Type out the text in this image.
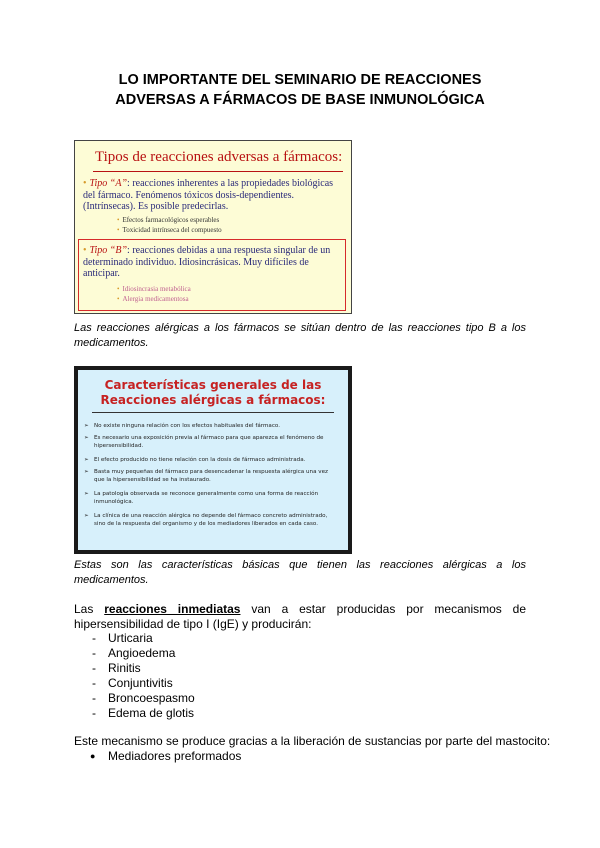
LO IMPORTANTE DEL SEMINARIO DE REACCIONES
ADVERSAS A FÁRMACOS DE BASE INMUNOLÓGICA
Tipos de reacciones adversas a fármacos:
• Tipo “A”: reacciones inherentes a las propiedades biológicas del fármaco. Fenómenos tóxicos dosis-dependientes. (Intrínsecas). Es posible predecirlas.
• Efectos farmacológicos esperables
• Toxicidad intrínseca del compuesto
• Tipo “B”: reacciones debidas a una respuesta singular de un determinado individuo. Idiosincrásicas. Muy difíciles de anticipar.
• Idiosincrasia metabólica
• Alergia medicamentosa
Las reacciones alérgicas a los fármacos se sitúan dentro de las reacciones tipo B a los medicamentos.
Características generales de las
Reacciones alérgicas a fármacos:
➢ No existe ninguna relación con los efectos habituales del fármaco.
➢ Es necesario una exposición previa al fármaco para que aparezca el fenómeno de hipersensibilidad.
➢ El efecto producido no tiene relación con la dosis de fármaco administrada.
➢ Basta muy pequeñas del fármaco para desencadenar la respuesta alérgica una vez que la hipersensibilidad se ha instaurado.
➢ La patología observada se reconoce generalmente como una forma de reacción inmunológica.
➢ La clínica de una reacción alérgica no depende del fármaco concreto administrado, sino de la respuesta del organismo y de los mediadores liberados en cada caso.
Estas son las características básicas que tienen las reacciones alérgicas a los medicamentos.
Las reacciones inmediatas van a estar producidas por mecanismos de hipersensibilidad de tipo I (IgE) y producirán:
- Urticaria
- Angioedema
- Rinitis
- Conjuntivitis
- Broncoespasmo
- Edema de glotis
Este mecanismo se produce gracias a la liberación de sustancias por parte del mastocito:
● Mediadores preformados
